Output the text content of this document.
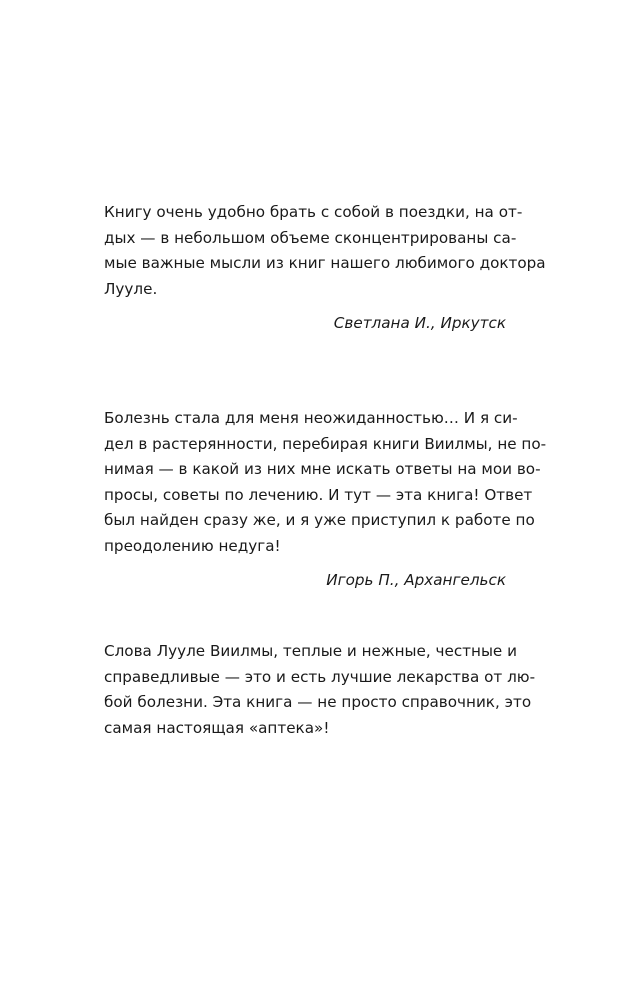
Книгу очень удобно брать с собой в поездки, на от-
дых — в небольшом объеме сконцентрированы са-
мые важные мысли из книг нашего любимого доктора
Лууле.
Светлана И., Иркутск
Болезнь стала для меня неожиданностью… И я си-
дел в растерянности, перебирая книги Виилмы, не по-
нимая — в какой из них мне искать ответы на мои во-
просы, советы по лечению. И тут — эта книга! Ответ
был найден сразу же, и я уже приступил к работе по
преодолению недуга!
Игорь П., Архангельск
Слова Лууле Виилмы, теплые и нежные, честные и
справедливые — это и есть лучшие лекарства от лю-
бой болезни. Эта книга — не просто справочник, это
самая настоящая «аптека»!
